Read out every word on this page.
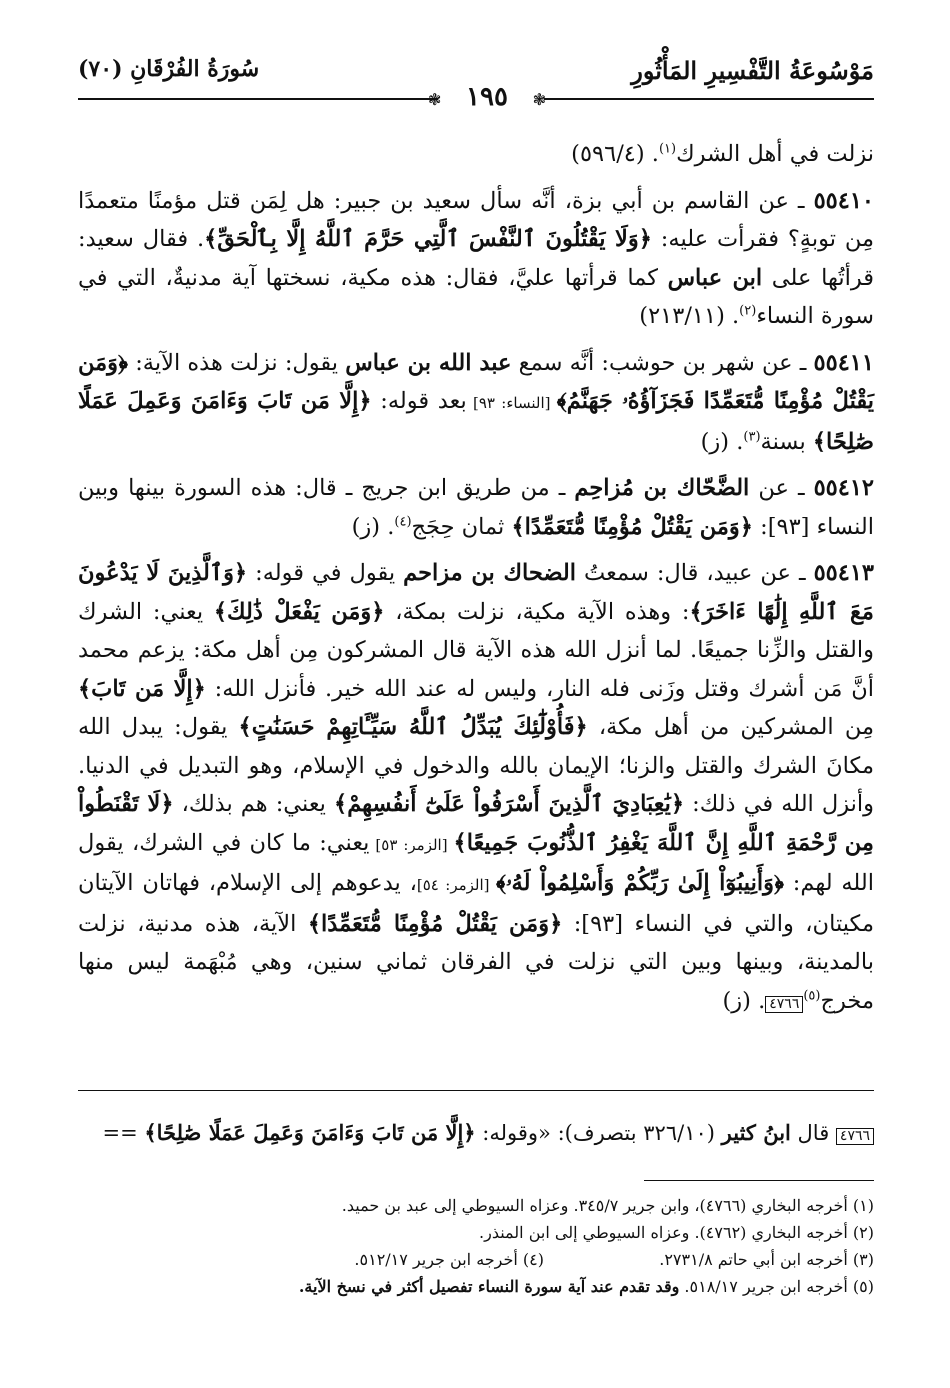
مَوْسُوعَةُ التَّفْسِيرِ المَأْثُورِ
سُورَةُ الفُرْقَانِ (٧٠)
❃
❃ ١٩٥

نزلت في أهل الشرك$^{(١)}$. (٥٩٦/٤)

٥٥٤١٠ ـ عن القاسم بن أبي بزة، أنَّه سأل سعيد بن جبير: هل لِمَن قتل مؤمنًا متعمدًا مِن توبةٍ؟ فقرأت عليه: ﴿وَلَا يَقْتُلُونَ ٱلنَّفْسَ ٱلَّتِي حَرَّمَ ٱللَّهُ إِلَّا بِٱلْحَقِّ﴾. فقال سعيد: قرأتُها على ابن عباس كما قرأتها عليَّ، فقال: هذه مكية، نسختها آية مدنيةٌ، التي في سورة النساء$^{(٢)}$. (٢١٣/١١)

٥٥٤١١ ـ عن شهر بن حوشب: أنَّه سمع عبد الله بن عباس يقول: نزلت هذه الآية: ﴿وَمَن يَقْتُلْ مُؤْمِنًا مُّتَعَمِّدًا فَجَزَآؤُهُۥ جَهَنَّمُ﴾ [النساء: ٩٣] بعد قوله: ﴿إِلَّا مَن تَابَ وَءَامَنَ وَعَمِلَ عَمَلًا صَٰلِحًا﴾ بسنة$^{(٣)}$. (ز)

٥٥٤١٢ ـ عن الضَّحّاك بن مُزاحِم ـ من طريق ابن جريج ـ قال: هذه السورة بينها وبين النساء [٩٣]: ﴿وَمَن يَقْتُلْ مُؤْمِنًا مُّتَعَمِّدًا﴾ ثمان حِجَج$^{(٤)}$. (ز)

٥٥٤١٣ ـ عن عبيد، قال: سمعتُ الضحاك بن مزاحم يقول في قوله: ﴿وَٱلَّذِينَ لَا يَدْعُونَ مَعَ ٱللَّهِ إِلَٰهًا ءَاخَرَ﴾: وهذه الآية مكية، نزلت بمكة، ﴿وَمَن يَفْعَلْ ذَٰلِكَ﴾ يعني: الشرك والقتل والزِّنا جميعًا. لما أنزل الله هذه الآية قال المشركون مِن أهل مكة: يزعم محمد أنَّ مَن أشرك وقتل وزَنى فله النار، وليس له عند الله خير. فأنزل الله: ﴿إِلَّا مَن تَابَ﴾ مِن المشركين من أهل مكة، ﴿فَأُوْلَٰٓئِكَ يُبَدِّلُ ٱللَّهُ سَيِّـَٔاتِهِمْ حَسَنَٰتٍ﴾ يقول: يبدل الله مكانَ الشرك والقتل والزنا؛ الإيمان بالله والدخول في الإسلام، وهو التبديل في الدنيا. وأنزل الله في ذلك: ﴿يَٰعِبَادِيَ ٱلَّذِينَ أَسْرَفُواْ عَلَىٰٓ أَنفُسِهِمْ﴾ يعني: هم بذلك، ﴿لَا تَقْنَطُواْ مِن رَّحْمَةِ ٱللَّهِ إِنَّ ٱللَّهَ يَغْفِرُ ٱلذُّنُوبَ جَمِيعًا﴾ [الزمر: ٥٣] يعني: ما كان في الشرك، يقول الله لهم: ﴿وَأَنِيبُوٓاْ إِلَىٰ رَبِّكُمْ وَأَسْلِمُواْ لَهُۥ﴾ [الزمر: ٥٤]، يدعوهم إلى الإسلام، فهاتان الآيتان مكيتان، والتي في النساء [٩٣]: ﴿وَمَن يَقْتُلْ مُؤْمِنًا مُّتَعَمِّدًا﴾ الآية، هذه مدنية، نزلت بالمدينة، وبينها وبين التي نزلت في الفرقان ثماني سنين، وهي مُبْهَمة ليس منها مخرج$^{(٥)}$٤٧٦٦. (ز)

٤٧٦٦ قال ابنُ كثير (٣٢٦/١٠ بتصرف): «وقوله: ﴿إِلَّا مَن تَابَ وَءَامَنَ وَعَمِلَ عَمَلًا صَٰلِحًا﴾ ==
(١) أخرجه البخاري (٤٧٦٦)، وابن جرير ٣٤٥/٧. وعزاه السيوطي إلى عبد بن حميد.
(٢) أخرجه البخاري (٤٧٦٢). وعزاه السيوطي إلى ابن المنذر.
(٣) أخرجه ابن أبي حاتم ٢٧٣١/٨.
(٤) أخرجه ابن جرير ٥١٢/١٧.
(٥) أخرجه ابن جرير ٥١٨/١٧. وقد تقدم عند آية سورة النساء تفصيل أكثر في نسخ الآية.
